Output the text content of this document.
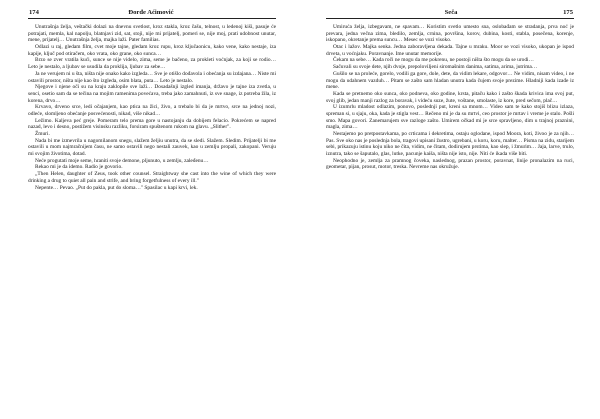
174	Đorđe Aćimović

Unutrašnja želja, veštački dolazi na dnevnu svetlost, kroz stakla, kroz čašu, telnost, u ledenoj kiši, pasuje će potrajati, memla, kal napolju, blatnjavi zid, sat, stoji, nije mi prijatelj, pomeri se, nije moj, prati udobnost unutar, mene, prijatelj… Unutrašnja želja, majka laži. Pater familias.

Odlazi u raj, gledam film, cvet moje tajne, gledam kroz rupu, kroz ključaonicu, kako vene, kako nestaje, iza kapije, ključ pod otiračem, oko vrata, oko grane, oko sunca…

Brzo se zver vratila kući, sunce se nije videlo, zima, seme je bačeno, za prokleti voćnjak, za koji se rodio… Leto je nestalo, a ljubav se usudila da proklija, ljubav za sebe…

Ja ne verujem ni u šta, ništa nije onako kako izgleda… Sve je otišlo dođavola i obećanja su izdajana… Niste mi ostavili prostor, ništa nije kao što izgleda, osim blata, puta… Leto je nestalo.

Njegove i njene oči su na kraju zaklopile sve laži… Dosadašnji izgled imanja, državo je tajne iza zvetla, u senci, osetio sam da se tečina na mojim ramenima povećava, treba jako zamahnuti, iz sve snage, iz potreba žila, iz korena, drvo…

Krvavo, drveno srce, ledi očajanjem, kao ptica na žici, živo, a trebalo bi da je mrtvo, srce na jednoj nozi, odleće, slomljeno obećanje posvećenosti, nikad, više nikad…

Ležimo. Kaljeva peć greje. Pomeram telo prema gore u nastojanju da dobijem felacio. Pokrećem se napred nazad, levo i desno, postižem visinsku razliku, forsiram spuštenom rukom na glavu. „Slither".

Žmuri.

Nada bi me izmevrila u nagomilanom snegu, slažem željiu unutra, da se sledi. Slažem. Sledim. Prijatelji bi me ostavili u mom najmračnijem času, ne samo ostavili nego nestali zauvek, kao u zemlju propali, zakopani. Veruju mi svojim životima, dotad.

Neće progutati moje seme, hraniti svoje demone, pljunuto, u zemlju, zaleđenu…

Rekao mi je da idemo. Radio je govorio.

„Then Helen, daughter of Zeus, took other counsel. Straightway she cast into the wine of which they were drinking a drug to quiet all pain and strife, and bring forgetfulness of every ill."

Nepente… Pevao. „Put do pakla, put do sloma…" Spasilac u kapi krvi, lek.

Seča	175

Umiruća želja, izbegavam, ne spavam… Koristim svetlo umesto sna, oslobađam se stradanja, prva noć je prevara, jedna večna zima, bledilo, zemlja, crnina, površina, korov, dubina, kosti, stabla, posečena, korenje, iskopano, okretanje prema suncu… Mesec se vozi visoko.

Otac i lažov. Majka senka. Jedna zaboravljena dekada. Tajne u mraku. Moor se vozi visoko, ukopan je ispod drveta, u voćnjaku. Poravnanje. Ime unutar memorije.

Čekam na sebe… Kada roči ne mogu da me pokrenu, ne postoji ništa što mogu da se urodi…

Sačuvali su svoje dete, njih dvoje, prepoloviljeni siromašnim danima, satima, arima, jutrima…

Gušilo se na proleće, gorelo, vodili ga gore, dole, dete, da vidim lekare, odgovor… Ne vidim, nisam video, i ne mogu da udahnem vazduh… Pitam se zašto sam hladan unutra kada čujem svoje prezime. Hladniji kada izađe iz mene.

Kada se pretnemo oko sunca, oko podneva, oko godine, krsta, pitaču kako i zašto škada krivica ima svoj put, svoj glib, jedan manji razlog za boravak, i videću suze, žute, voštane, smolaste, iz kore, pred sečom, plač…

U izumrlu mladost odlazim, ponovo, poslednji put, kreni sa mnom… Video sam te kako stojiš blizu izlaza, spreman si, u sjaju, oka, kada je stigla vest… Rečeno mi je da su mrtvi, ceo prostor je mrtav i vreme je stalo. Pošli smo. Mapa govori. Zanemarujem sve razloge zašto. Umirem očkad mi je srce spravljeno, dim u trajnoj praznini, magla, zima…

Nestajemo po pretpostavkama, po crticama i dekretima, ostaju oglodane, ispod Moora, koti, živoo je za njih… Pas. Sve oko nas je poslednja bola, tragovi upisani žustro, ugrebani, u koru, koru, malter… Pisma na zidu, starijem sebi, prikazuju istinu koju niko ne čita, vidim, ne čitam, dodirujem prstima, kao slep, i žmurim… Jaja, larve, trulo, iznutra, tako se šaputalo, glas, lutke, pacunje kaiša, ništa nije isto, nije. Niti će ikada više biti.

Neophodno je, zemlja za pramnog čoveka, naslednog, prazan prostor, poravnat, linije pronalazim na ruci, geometar, pijan, prosut, motor, treska. Nevreme nas okružuje.
